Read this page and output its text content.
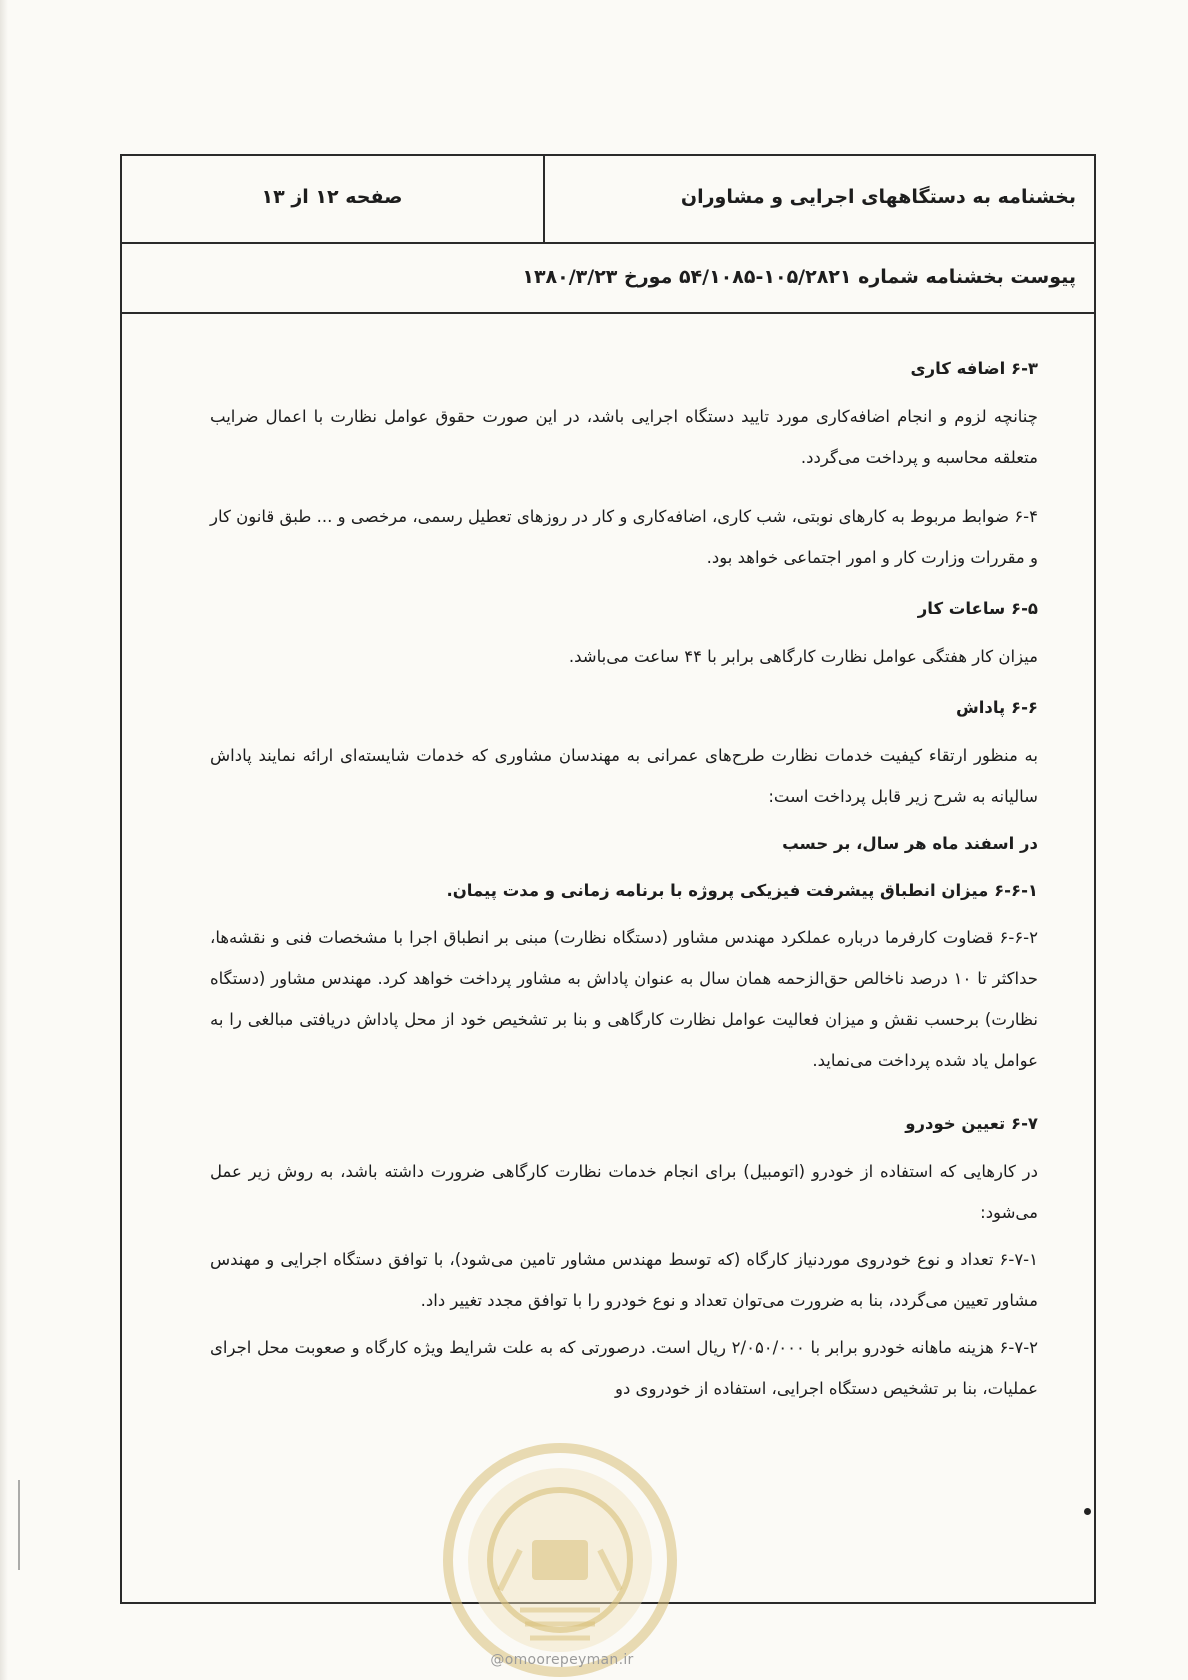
صفحه ۱۲ از ۱۳	بخشنامه به دستگاههای اجرایی و مشاوران
پیوست بخشنامه شماره ۱۰۵/۲۸۲۱-۵۴/۱۰۸۵ مورخ ۱۳۸۰/۳/۲۳
۶-۳ اضافه کاری
چنانچه لزوم و انجام اضافه‌کاری مورد تایید دستگاه اجرایی باشد، در این صورت حقوق عوامل نظارت با اعمال ضرایب متعلقه محاسبه و پرداخت می‌گردد.
۶-۴ ضوابط مربوط به کارهای نوبتی، شب کاری، اضافه‌کاری و کار در روزهای تعطیل رسمی، مرخصی و ... طبق قانون کار و مقررات وزارت کار و امور اجتماعی خواهد بود.
۶-۵ ساعات کار
میزان کار هفتگی عوامل نظارت کارگاهی برابر با ۴۴ ساعت می‌باشد.
۶-۶ پاداش
به منظور ارتقاء کیفیت خدمات نظارت طرح‌های عمرانی به مهندسان مشاوری که خدمات شایسته‌ای ارائه نمایند پاداش سالیانه به شرح زیر قابل پرداخت است:
در اسفند ماه هر سال، بر حسب
۶-۶-۱ میزان انطباق پیشرفت فیزیکی پروژه با برنامه زمانی و مدت پیمان.
۶-۶-۲ قضاوت کارفرما درباره عملکرد مهندس مشاور (دستگاه نظارت) مبنی بر انطباق اجرا با مشخصات فنی و نقشه‌ها، حداکثر تا ۱۰ درصد ناخالص حق‌الزحمه همان سال به عنوان پاداش به مشاور پرداخت خواهد کرد. مهندس مشاور (دستگاه نظارت) برحسب نقش و میزان فعالیت عوامل نظارت کارگاهی و بنا بر تشخیص خود از محل پاداش دریافتی مبالغی را به عوامل یاد شده پرداخت می‌نماید.
۶-۷ تعیین خودرو
در کارهایی که استفاده از خودرو (اتومبیل) برای انجام خدمات نظارت کارگاهی ضرورت داشته باشد، به روش زیر عمل می‌شود:
۶-۷-۱ تعداد و نوع خودروی موردنیاز کارگاه (که توسط مهندس مشاور تامین می‌شود)، با توافق دستگاه اجرایی و مهندس مشاور تعیین می‌گردد، بنا به ضرورت می‌توان تعداد و نوع خودرو را با توافق مجدد تغییر داد.
۶-۷-۲ هزینه ماهانه خودرو برابر با ۲/۰۵۰/۰۰۰ ریال است. درصورتی که به علت شرایط ویژه کارگاه و صعوبت محل اجرای عملیات، بنا بر تشخیص دستگاه اجرایی، استفاده از خودروی دو
@omoorepeyman.ir
